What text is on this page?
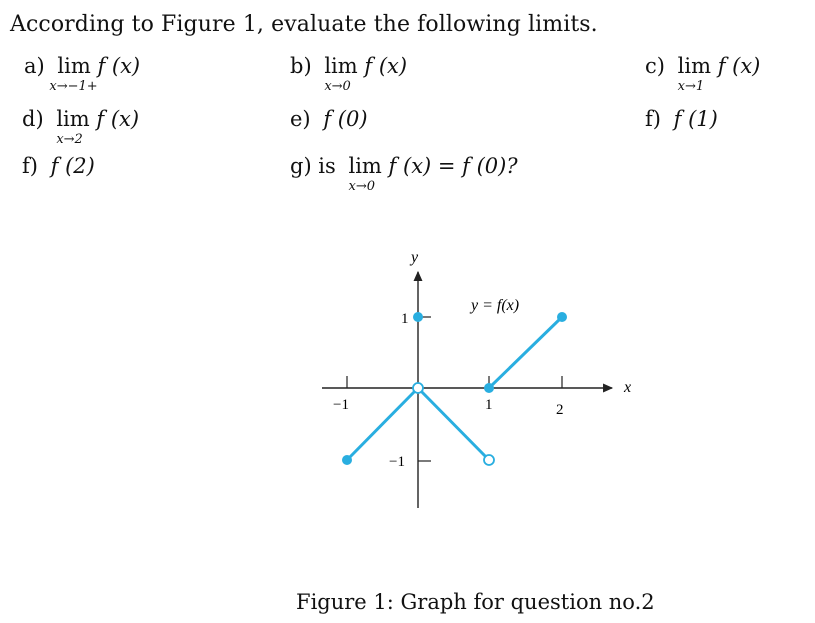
According to Figure 1, evaluate the following limits.
a) lim
x→−1+
f (x)	b) lim
x→0
f (x)	c) lim
x→1
f (x)
d) lim
x→2
f (x)	e) f (0)	f) f (1)
f) f (2)	g) is lim
x→0
f (x) = f (0)?
−1	1	2
1
−1
x
y
y = f(x)
Figure 1: Graph for question no.2
